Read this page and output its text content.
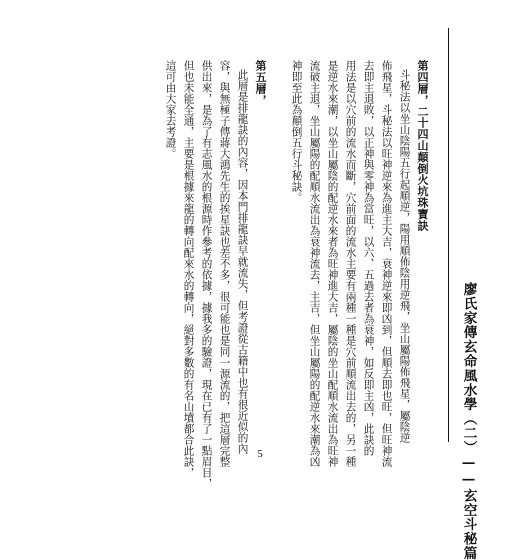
廖氏家傳玄命風水學（二）——玄空斗秘篇
第四層，二十四山顛倒火坑珠寶訣
斗秘法以坐山陰陽五行起順逆，陽用順佈陰用逆飛，坐山屬陽佈飛星，屬陰逆
佈飛星，斗秘法以旺神逆來為進主大吉，衰神逆來即凶到，但順去即也旺，但旺神流
去即主退敗，以正神與零神為當旺，以六、五過去者為衰神，如反即主凶，此訣的
用法是以穴前的流水而斷，穴前面的流水主要有兩種一種是穴前順流出去的，另一種
是逆水來潮，以坐山屬陰的配逆水來者為旺神進大吉，屬陰的坐山配順水流出為旺神
流破主退，坐山屬陽的配順水流出為衰神流去，主吉，但坐山屬陽的配逆水來潮為凶
神即至此為顛倒五行斗秘訣。
第五層，
此層是排龍訣的內容，因本門排龍訣早就流失，但考證從古籍中也有很近似的內
容，與無極子傳蔣大鴻先生的挨星訣也差不多，很可能也是同一源流的，把這層完整
供出來，是為了有志風水的根源時作參考的依據，據我多的驗證，現在已有了一點眉目，
但也未能全通，主要是根據來龍的轉向配來水的轉向，絕對多數的有名山墳都合此訣，
這可由大家去考證。
5
